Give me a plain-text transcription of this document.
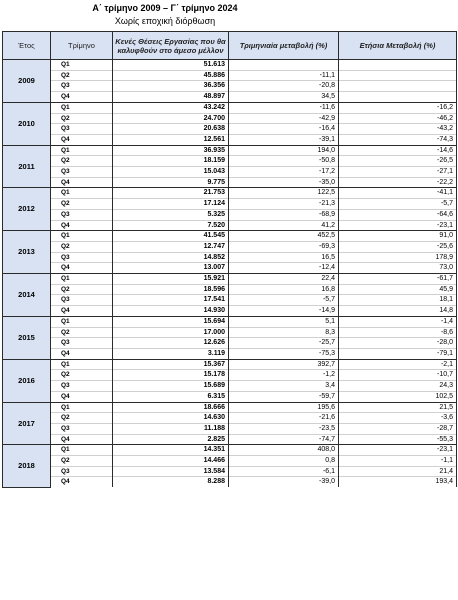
Α΄ τρίμηνο 2009 – Γ΄ τρίμηνο 2024
Χωρίς εποχική διόρθωση
Έτος	Τρίμηνο	Κενές Θέσεις Εργασίας που θα καλυφθούν στο άμεσο μέλλον	Τριμηνιαία μεταβολή (%)	Ετήσια Μεταβολή (%)
2009	Q1	51.613		
	Q2	45.886	-11,1	
	Q3	36.356	-20,8	
	Q4	48.897	34,5	
2010	Q1	43.242	-11,6	-16,2
	Q2	24.700	-42,9	-46,2
	Q3	20.638	-16,4	-43,2
	Q4	12.561	-39,1	-74,3
2011	Q1	36.935	194,0	-14,6
	Q2	18.159	-50,8	-26,5
	Q3	15.043	-17,2	-27,1
	Q4	9.775	-35,0	-22,2
2012	Q1	21.753	122,5	-41,1
	Q2	17.124	-21,3	-5,7
	Q3	5.325	-68,9	-64,6
	Q4	7.520	41,2	-23,1
2013	Q1	41.545	452,5	91,0
	Q2	12.747	-69,3	-25,6
	Q3	14.852	16,5	178,9
	Q4	13.007	-12,4	73,0
2014	Q1	15.921	22,4	-61,7
	Q2	18.596	16,8	45,9
	Q3	17.541	-5,7	18,1
	Q4	14.930	-14,9	14,8
2015	Q1	15.694	5,1	-1,4
	Q2	17.000	8,3	-8,6
	Q3	12.626	-25,7	-28,0
	Q4	3.119	-75,3	-79,1
2016	Q1	15.367	392,7	-2,1
	Q2	15.178	-1,2	-10,7
	Q3	15.689	3,4	24,3
	Q4	6.315	-59,7	102,5
2017	Q1	18.666	195,6	21,5
	Q2	14.630	-21,6	-3,6
	Q3	11.188	-23,5	-28,7
	Q4	2.825	-74,7	-55,3
2018	Q1	14.351	408,0	-23,1
	Q2	14.466	0,8	-1,1
	Q3	13.584	-6,1	21,4
	Q4	8.288	-39,0	193,4
